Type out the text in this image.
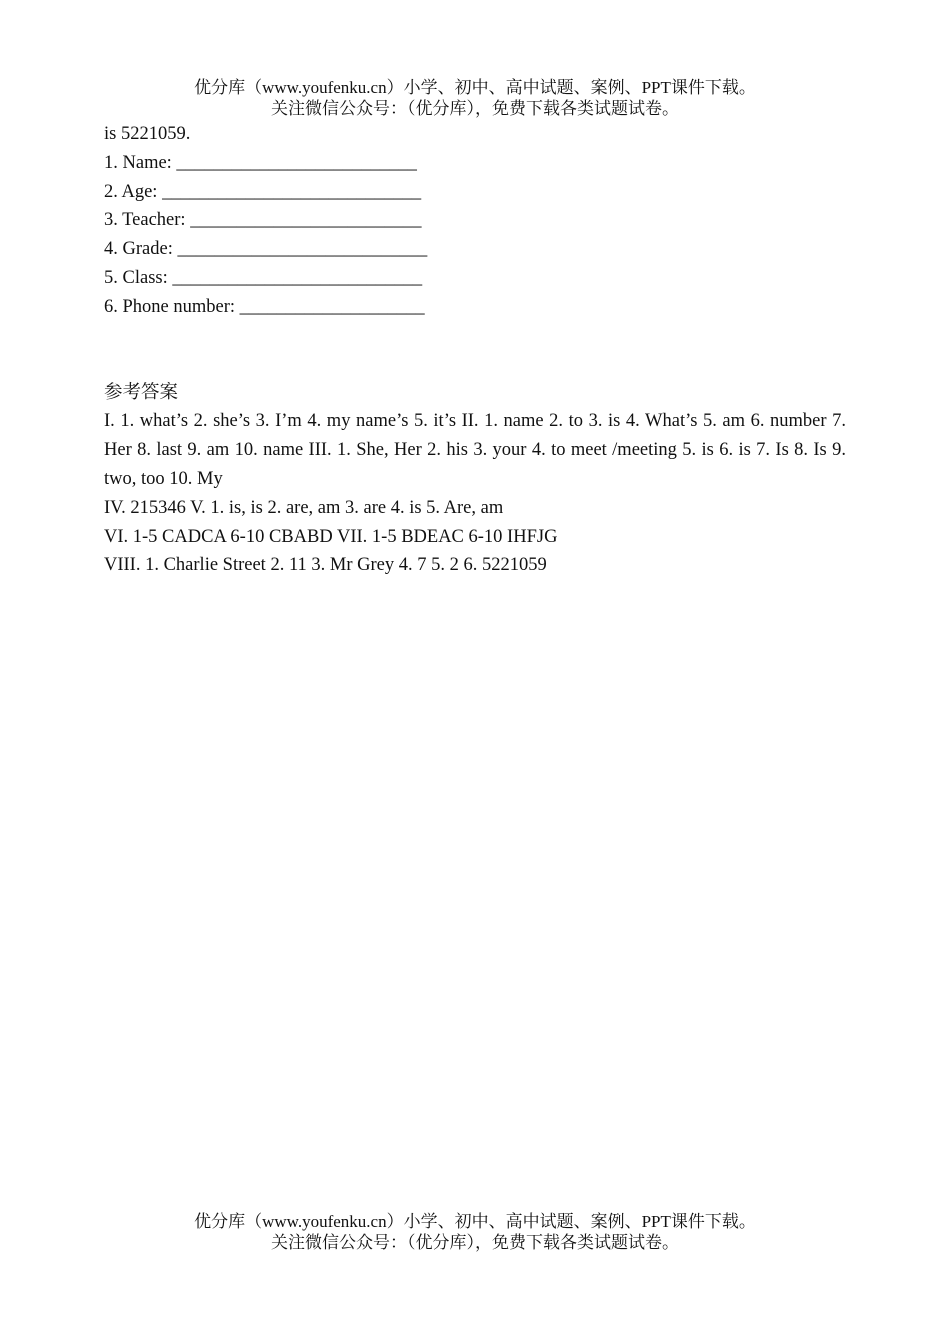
优分库（www.youfenku.cn）小学、初中、高中试题、案例、PPT课件下载。
关注微信公众号：（优分库），免费下载各类试题试卷。
is 5221059.
1. Name: __________________________
2. Age: ____________________________
3. Teacher: _________________________
4. Grade: ___________________________
5. Class: ___________________________
6. Phone number: ____________________
参考答案
I. 1. what’s 2. she’s 3. I’m 4. my name’s 5. it’s II. 1. name 2. to 3. is 4. What’s 5. am 6. number 7. Her 8. last 9. am 10. name III. 1. She, Her 2. his 3. your 4. to meet /meeting 5. is 6. is 7. Is 8. Is 9. two, too 10. My
IV. 215346 V. 1. is, is 2. are, am 3. are 4. is 5. Are, am
VI. 1-5 CADCA 6-10 CBABD VII. 1-5 BDEAC 6-10 IHFJG
VIII. 1. Charlie Street 2. 11 3. Mr Grey 4. 7 5. 2 6. 5221059
优分库（www.youfenku.cn）小学、初中、高中试题、案例、PPT课件下载。
关注微信公众号：（优分库），免费下载各类试题试卷。
